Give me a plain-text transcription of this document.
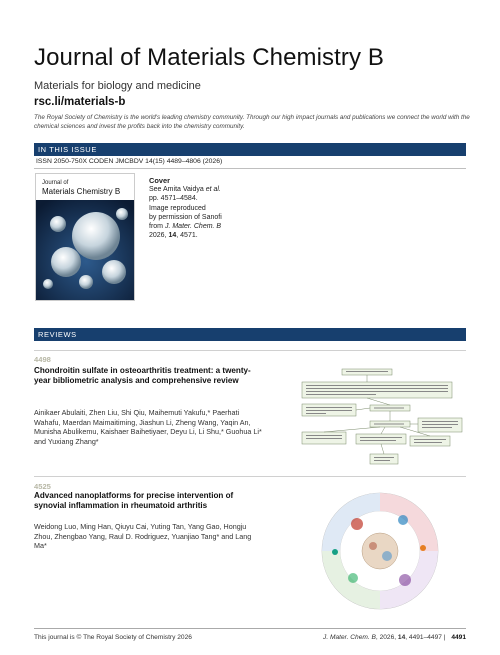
Journal of Materials Chemistry B
Materials for biology and medicine
rsc.li/materials-b
The Royal Society of Chemistry is the world's leading chemistry community. Through our high impact journals and publications we connect the world with the chemical sciences and invest the profits back into the chemistry community.
IN THIS ISSUE
ISSN 2050-750X CODEN JMCBDV 14(15) 4489–4806 (2026)
Journal of
Materials Chemistry B
Cover
See Amita Vaidya et al.
pp. 4571–4584.
Image reproduced
by permission of Sanofi
from J. Mater. Chem. B
2026, 14, 4571.
REVIEWS
4498
Chondroitin sulfate in osteoarthritis treatment: a twenty-year bibliometric analysis and comprehensive review
Ainikaer Abulaiti, Zhen Liu, Shi Qiu, Maihemuti Yakufu,* Paerhati Wahafu, Maerdan Maimaitiming, Jiashun Li, Zheng Wang, Yaqin An, Munisha Abulikemu, Kaishaer Baihetiyaer, Deyu Li, Li Shu,* Guohua Li* and Yuxiang Zhang*
4525
Advanced nanoplatforms for precise intervention of synovial inflammation in rheumatoid arthritis
Weidong Luo, Ming Han, Qiuyu Cai, Yuting Tan, Yang Gao, Hongju Zhou, Zhengbao Yang, Raul D. Rodriguez, Yuanjiao Tang* and Lang Ma*
This journal is © The Royal Society of Chemistry 2026	J. Mater. Chem. B, 2026, 14, 4491–4497 | 4491
